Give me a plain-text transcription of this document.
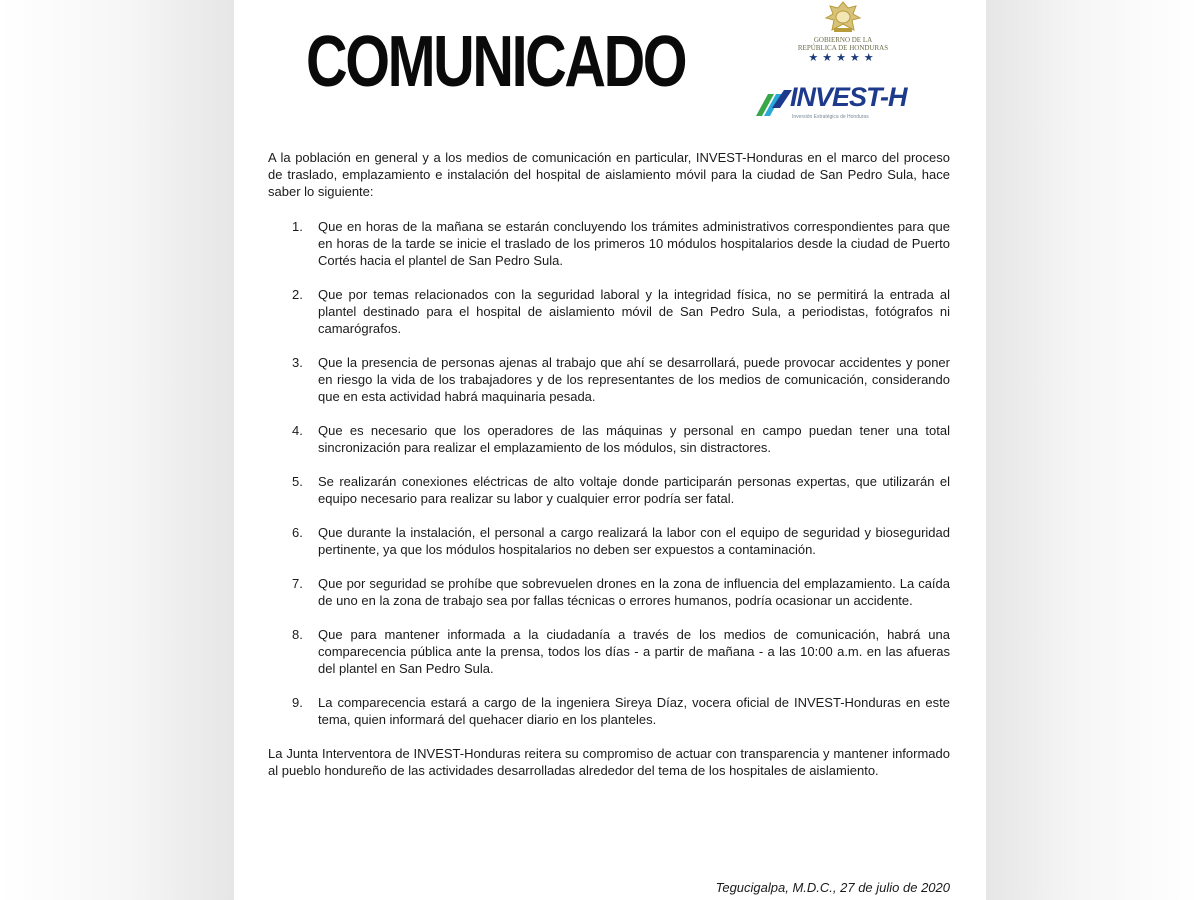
COMUNICADO	GOBIERNO DE LA
REPÚBLICA DE HONDURAS
★★★★★
INVEST-H
Inversión Estratégica de Honduras

A la población en general y a los medios de comunicación en particular, INVEST-Honduras en el marco del proceso de traslado, emplazamiento e instalación del hospital de aislamiento móvil para la ciudad de San Pedro Sula, hace saber lo siguiente:

1. Que en horas de la mañana se estarán concluyendo los trámites administrativos correspondientes para que en horas de la tarde se inicie el traslado de los primeros 10 módulos hospitalarios desde la ciudad de Puerto Cortés hacia el plantel de San Pedro Sula.
2. Que por temas relacionados con la seguridad laboral y la integridad física, no se permitirá la entrada al plantel destinado para el hospital de aislamiento móvil de San Pedro Sula, a periodistas, fotógrafos ni camarógrafos.
3. Que la presencia de personas ajenas al trabajo que ahí se desarrollará, puede provocar accidentes y poner en riesgo la vida de los trabajadores y de los representantes de los medios de comunicación, considerando que en esta actividad habrá maquinaria pesada.
4. Que es necesario que los operadores de las máquinas y personal en campo puedan tener una total sincronización para realizar el emplazamiento de los módulos, sin distractores.
5. Se realizarán conexiones eléctricas de alto voltaje donde participarán personas expertas, que utilizarán el equipo necesario para realizar su labor y cualquier error podría ser fatal.
6. Que durante la instalación, el personal a cargo realizará la labor con el equipo de seguridad y bioseguridad pertinente, ya que los módulos hospitalarios no deben ser expuestos a contaminación.
7. Que por seguridad se prohíbe que sobrevuelen drones en la zona de influencia del emplazamiento. La caída de uno en la zona de trabajo sea por fallas técnicas o errores humanos, podría ocasionar un accidente.
8. Que para mantener informada a la ciudadanía a través de los medios de comunicación, habrá una comparecencia pública ante la prensa, todos los días - a partir de mañana - a las 10:00 a.m. en las afueras del plantel en San Pedro Sula.
9. La comparecencia estará a cargo de la ingeniera Sireya Díaz, vocera oficial de INVEST-Honduras en este tema, quien informará del quehacer diario en los planteles.

La Junta Interventora de INVEST-Honduras reitera su compromiso de actuar con transparencia y mantener informado al pueblo hondureño de las actividades desarrolladas alrededor del tema de los hospitales de aislamiento.

Tegucigalpa, M.D.C., 27 de julio de 2020
